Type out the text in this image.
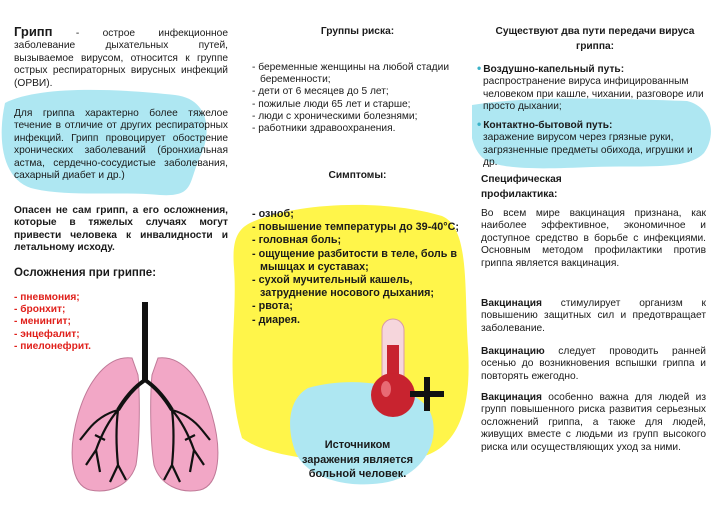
Грипп - острое инфекционное заболевание дыхательных путей, вызываемое вирусом, относится к группе острых респираторных вирусных инфекций (ОРВИ).
Для гриппа характерно более тяжелое течение в отличие от других респираторных инфекций. Грипп провоцирует обострение хронических заболеваний (бронхиальная астма, сердечно-сосудистые заболевания, сахарный диабет и др.)
Опасен не сам грипп, а его осложнения, которые в тяжелых случаях могут привести человека к инвалидности и летальному исходу.
Осложнения при гриппе:
- пневмония;
- бронхит;
- менингит;
- энцефалит;
- пиелонефрит.
Группы риска:
- беременные женщины на любой стадии беременности;
- дети от 6 месяцев до 5 лет;
- пожилые люди 65 лет и старше;
- люди с хроническими болезнями;
- работники здравоохранения.
Симптомы:
- озноб;
- повышение температуры до 39-40°С;
- головная боль;
- ощущение разбитости в теле, боль в мышцах и суставах;
- сухой мучительный кашель, затруднение носового дыхания;
- рвота;
- диарея.
Источником заражения является больной человек.
Существуют два пути передачи вируса гриппа:
• Воздушно-капельный путь:
распространение вируса инфицированным человеком при кашле, чихании, разговоре или просто дыхании;
• Контактно-бытовой путь:
заражение вирусом через грязные руки, загрязненные предметы обихода, игрушки и др.
Специфическая профилактика:
Во всем мире вакцинация признана, как наиболее эффективное, экономичное и доступное средство в борьбе с инфекциями. Основным методом профилактики против гриппа является вакцинация.
Вакцинация стимулирует организм к повышению защитных сил и предотвращает заболевание.
Вакцинацию следует проводить ранней осенью до возникновения вспышки гриппа и повторять ежегодно.
Вакцинация особенно важна для людей из групп повышенного риска развития серьезных осложнений гриппа, а также для людей, живущих вместе с людьми из групп высокого риска или осуществляющих уход за ними.
